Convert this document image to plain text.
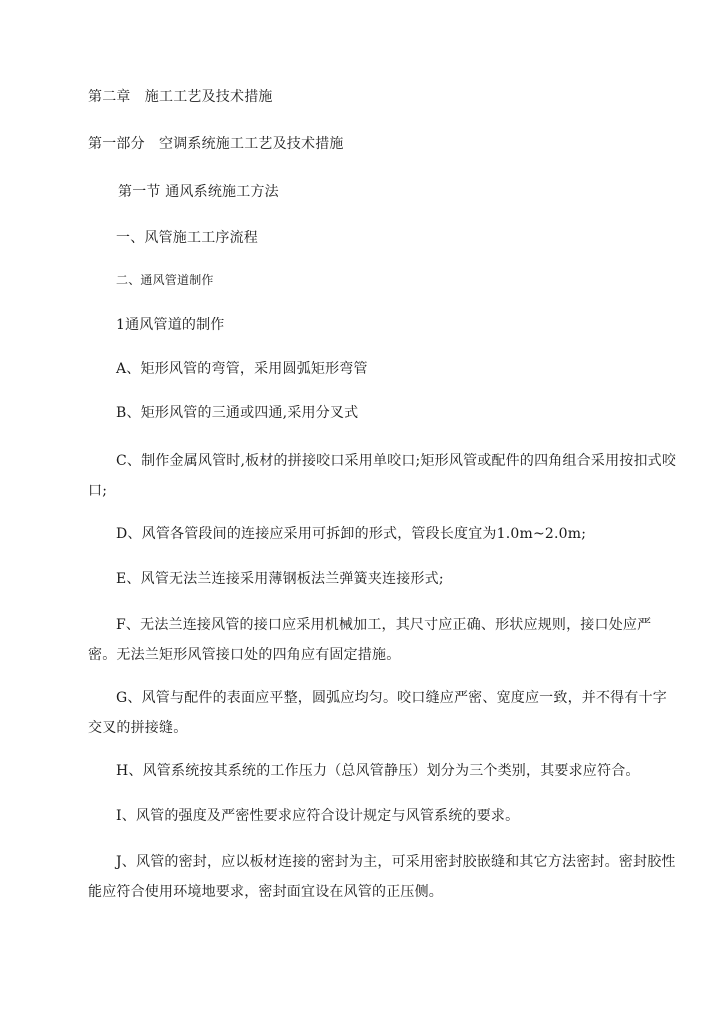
第二章　施工工艺及技术措施
第一部分　空调系统施工工艺及技术措施
第一节 通风系统施工方法
一、风管施工工序流程
二、通风管道制作
1通风管道的制作
A、矩形风管的弯管，采用圆弧矩形弯管
B、矩形风管的三通或四通,采用分叉式
C、制作金属风管时,板材的拼接咬口采用单咬口;矩形风管或配件的四角组合采用按扣式咬口;
D、风管各管段间的连接应采用可拆卸的形式，管段长度宜为1.0m~2.0m;
E、风管无法兰连接采用薄钢板法兰弹簧夹连接形式;
F、无法兰连接风管的接口应采用机械加工，其尺寸应正确、形状应规则，接口处应严密。无法兰矩形风管接口处的四角应有固定措施。
G、风管与配件的表面应平整，圆弧应均匀。咬口缝应严密、宽度应一致，并不得有十字交叉的拼接缝。
H、风管系统按其系统的工作压力（总风管静压）划分为三个类别，其要求应符合。
I、风管的强度及严密性要求应符合设计规定与风管系统的要求。
J、风管的密封，应以板材连接的密封为主，可采用密封胶嵌缝和其它方法密封。密封胶性能应符合使用环境地要求，密封面宜设在风管的正压侧。
